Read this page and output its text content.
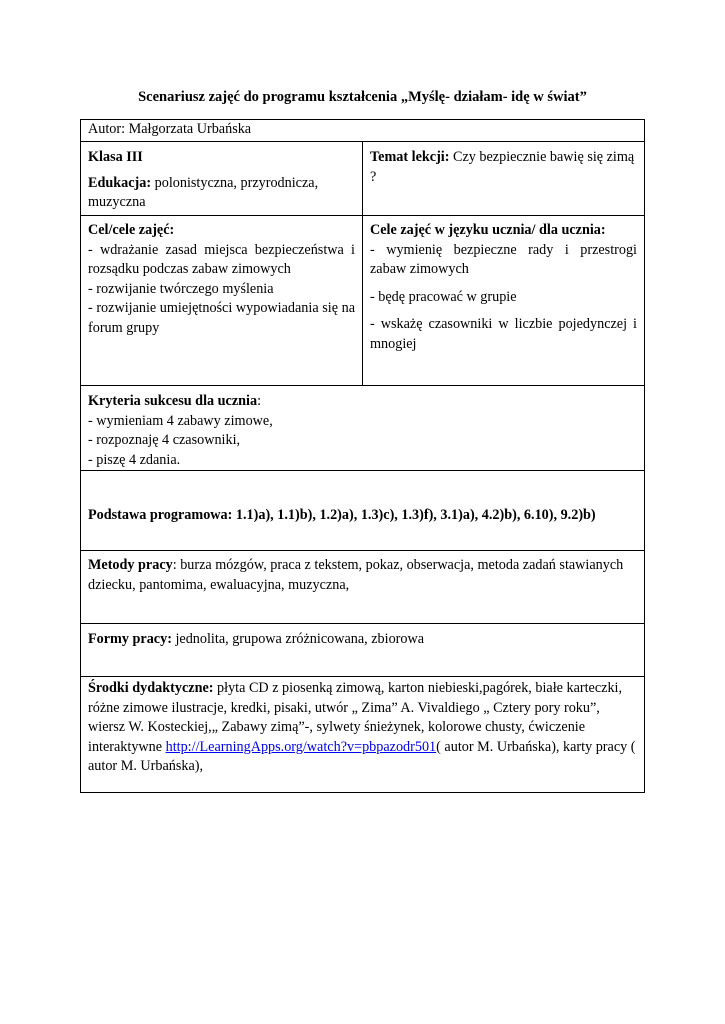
Scenariusz zajęć do programu kształcenia „Myślę- działam- idę w świat”
Autor: Małgorzata Urbańska

Klasa III

Edukacja: polonistyczna, przyrodnicza, muzyczna

Temat lekcji: Czy bezpiecznie bawię się zimą ?

Cel/cele zajęć:

- wdrażanie zasad miejsca bezpieczeństwa i rozsądku podczas zabaw zimowych

- rozwijanie twórczego myślenia

- rozwijanie umiejętności wypowiadania się na forum grupy

Cele zajęć w języku ucznia/ dla ucznia:

- wymienię bezpieczne rady i przestrogi zabaw zimowych

- będę pracować w grupie

- wskażę czasowniki w liczbie pojedynczej i mnogiej

Kryteria sukcesu dla ucznia:

- wymieniam 4 zabawy zimowe,

- rozpoznaję 4 czasowniki,

- piszę 4 zdania.

Podstawa programowa: 1.1)a), 1.1)b), 1.2)a), 1.3)c), 1.3)f), 3.1)a), 4.2)b), 6.10), 9.2)b)

Metody pracy: burza mózgów, praca z tekstem, pokaz, obserwacja, metoda zadań stawianych dziecku, pantomima, ewaluacyjna, muzyczna,

Formy pracy: jednolita, grupowa zróżnicowana, zbiorowa

Środki dydaktyczne: płyta CD z piosenką zimową, karton niebieski,pagórek, białe karteczki, różne zimowe ilustracje, kredki, pisaki, utwór „ Zima” A. Vivaldiego „ Cztery pory roku”, wiersz W. Kosteckiej,„ Zabawy zimą”-, sylwety śnieżynek, kolorowe chusty, ćwiczenie interaktywne http://LearningApps.org/watch?v=pbpazodr501( autor M. Urbańska), karty pracy ( autor M. Urbańska),
